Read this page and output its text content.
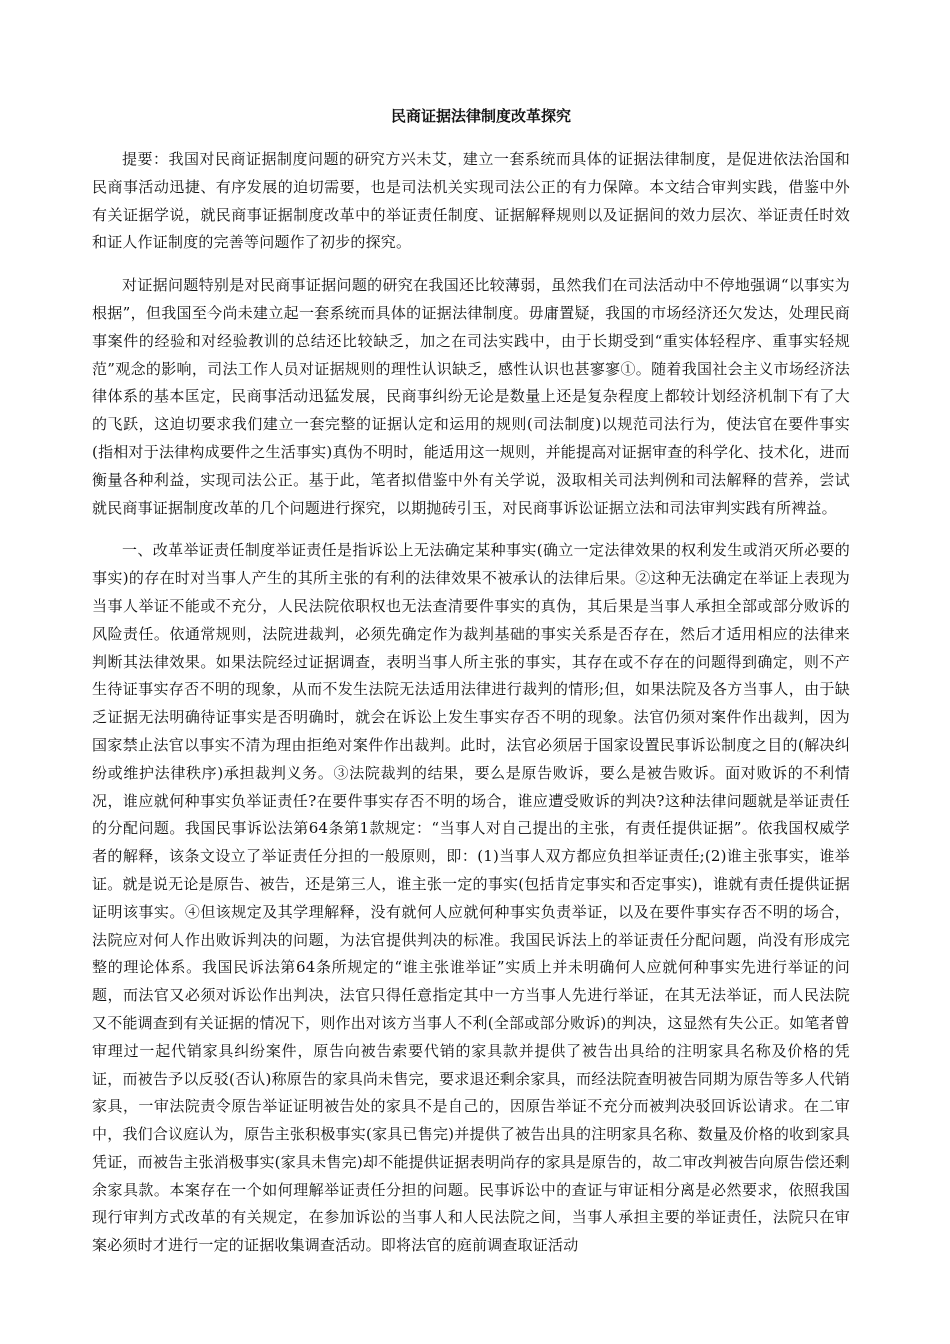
民商证据法律制度改革探究

提要：我国对民商证据制度问题的研究方兴未艾，建立一套系统而具体的证据法律制度，是促进依法治国和民商事活动迅捷、有序发展的迫切需要，也是司法机关实现司法公正的有力保障。本文结合审判实践，借鉴中外有关证据学说，就民商事证据制度改革中的举证责任制度、证据解释规则以及证据间的效力层次、举证责任时效和证人作证制度的完善等问题作了初步的探究。

对证据问题特别是对民商事证据问题的研究在我国还比较薄弱，虽然我们在司法活动中不停地强调“以事实为根据”，但我国至今尚未建立起一套系统而具体的证据法律制度。毋庸置疑，我国的市场经济还欠发达，处理民商事案件的经验和对经验教训的总结还比较缺乏，加之在司法实践中，由于长期受到“重实体轻程序、重事实轻规范”观念的影响，司法工作人员对证据规则的理性认识缺乏，感性认识也甚寥寥①。随着我国社会主义市场经济法律体系的基本匡定，民商事活动迅猛发展，民商事纠纷无论是数量上还是复杂程度上都较计划经济机制下有了大的飞跃，这迫切要求我们建立一套完整的证据认定和运用的规则(司法制度)以规范司法行为，使法官在要件事实(指相对于法律构成要件之生活事实)真伪不明时，能适用这一规则，并能提高对证据审查的科学化、技术化，进而衡量各种利益，实现司法公正。基于此，笔者拟借鉴中外有关学说，汲取相关司法判例和司法解释的营养，尝试就民商事证据制度改革的几个问题进行探究，以期抛砖引玉，对民商事诉讼证据立法和司法审判实践有所裨益。

一、改革举证责任制度举证责任是指诉讼上无法确定某种事实(确立一定法律效果的权利发生或消灭所必要的事实)的存在时对当事人产生的其所主张的有利的法律效果不被承认的法律后果。②这种无法确定在举证上表现为当事人举证不能或不充分，人民法院依职权也无法查清要件事实的真伪，其后果是当事人承担全部或部分败诉的风险责任。依通常规则，法院进裁判，必须先确定作为裁判基础的事实关系是否存在，然后才适用相应的法律来判断其法律效果。如果法院经过证据调查，表明当事人所主张的事实，其存在或不存在的问题得到确定，则不产生待证事实存否不明的现象，从而不发生法院无法适用法律进行裁判的情形;但，如果法院及各方当事人，由于缺乏证据无法明确待证事实是否明确时，就会在诉讼上发生事实存否不明的现象。法官仍须对案件作出裁判，因为国家禁止法官以事实不清为理由拒绝对案件作出裁判。此时，法官必须居于国家设置民事诉讼制度之目的(解决纠纷或维护法律秩序)承担裁判义务。③法院裁判的结果，要么是原告败诉，要么是被告败诉。面对败诉的不利情况，谁应就何种事实负举证责任?在要件事实存否不明的场合，谁应遭受败诉的判决?这种法律问题就是举证责任的分配问题。我国民事诉讼法第64条第1款规定：“当事人对自己提出的主张，有责任提供证据”。依我国权威学者的解释，该条文设立了举证责任分担的一般原则，即：(1)当事人双方都应负担举证责任;(2)谁主张事实，谁举证。就是说无论是原告、被告，还是第三人，谁主张一定的事实(包括肯定事实和否定事实)，谁就有责任提供证据证明该事实。④但该规定及其学理解释，没有就何人应就何种事实负责举证，以及在要件事实存否不明的场合，法院应对何人作出败诉判决的问题，为法官提供判决的标准。我国民诉法上的举证责任分配问题，尚没有形成完整的理论体系。我国民诉法第64条所规定的“谁主张谁举证”实质上并未明确何人应就何种事实先进行举证的问题，而法官又必须对诉讼作出判决，法官只得任意指定其中一方当事人先进行举证，在其无法举证，而人民法院又不能调查到有关证据的情况下，则作出对该方当事人不利(全部或部分败诉)的判决，这显然有失公正。如笔者曾审理过一起代销家具纠纷案件，原告向被告索要代销的家具款并提供了被告出具给的注明家具名称及价格的凭证，而被告予以反驳(否认)称原告的家具尚未售完，要求退还剩余家具，而经法院查明被告同期为原告等多人代销家具，一审法院责令原告举证证明被告处的家具不是自己的，因原告举证不充分而被判决驳回诉讼请求。在二审中，我们合议庭认为，原告主张积极事实(家具已售完)并提供了被告出具的注明家具名称、数量及价格的收到家具凭证，而被告主张消极事实(家具未售完)却不能提供证据表明尚存的家具是原告的，故二审改判被告向原告偿还剩余家具款。本案存在一个如何理解举证责任分担的问题。民事诉讼中的查证与审证相分离是必然要求，依照我国现行审判方式改革的有关规定，在参加诉讼的当事人和人民法院之间，当事人承担主要的举证责任，法院只在审案必须时才进行一定的证据收集调查活动。即将法官的庭前调查取证活动
